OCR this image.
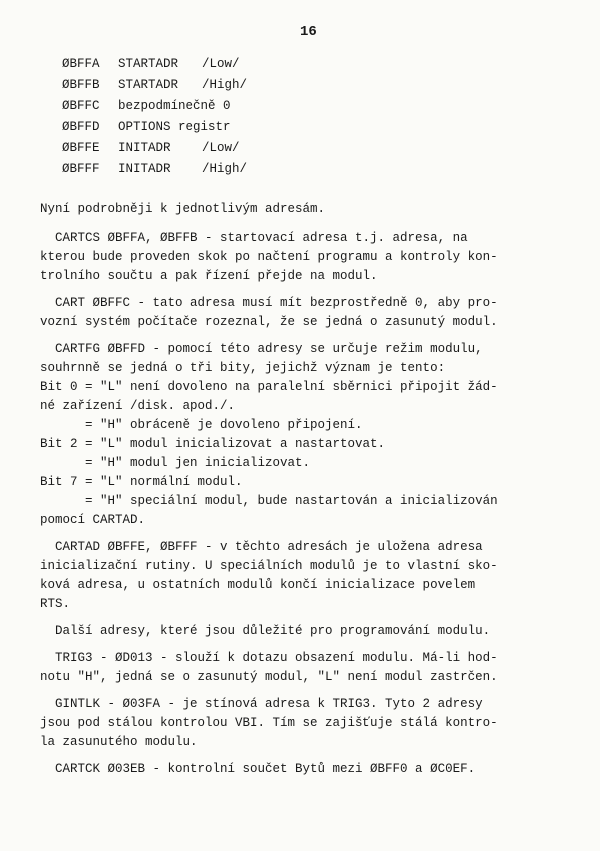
16
ØBFFA STARTADR /Low/
ØBFFB STARTADR /High/
ØBFFC bezpodmínečně 0
ØBFFD OPTIONS registr
ØBFFE INITADR	/Low/
ØBFFF INITADR	/High/

Nyní podrobněji k jednotlivým adresám.

CARTCS ØBFFA, ØBFFB - startovací adresa t.j. adresa, na

kterou bude proveden skok po načtení programu a kontroly kon-

trolního součtu a pak řízení přejde na modul.

CART ØBFFC - tato adresa musí mít bezprostředně 0, aby pro-

vozní systém počítače rozeznal, že se jedná o zasunutý modul.

CARTFG ØBFFD - pomocí této adresy se určuje režim modulu,

souhrnně se jedná o tři bity, jejichž význam je tento:

Bit 0 = "L" není dovoleno na paralelní sběrnici připojit žád-

né zařízení /disk. apod./.

= "H" obráceně je dovoleno připojení.

Bit 2 = "L" modul inicializovat a nastartovat.

= "H" modul jen inicializovat.

Bit 7 = "L" normální modul.

= "H" speciální modul, bude nastartován a inicializován

pomocí CARTAD.

CARTAD ØBFFE, ØBFFF - v těchto adresách je uložena adresa

inicializační rutiny. U speciálních modulů je to vlastní sko-

ková adresa, u ostatních modulů končí inicializace povelem

RTS.

Další adresy, které jsou důležité pro programování modulu.

TRIG3 - ØD013 - slouží k dotazu obsazení modulu. Má-li hod-

notu "H", jedná se o zasunutý modul, "L" není modul zastrčen.

GINTLK - Ø03FA - je stínová adresa k TRIG3. Tyto 2 adresy

jsou pod stálou kontrolou VBI. Tím se zajišťuje stálá kontro-

la zasunutého modulu.

CARTCK Ø03EB - kontrolní součet Bytů mezi ØBFF0 a ØC0EF.
